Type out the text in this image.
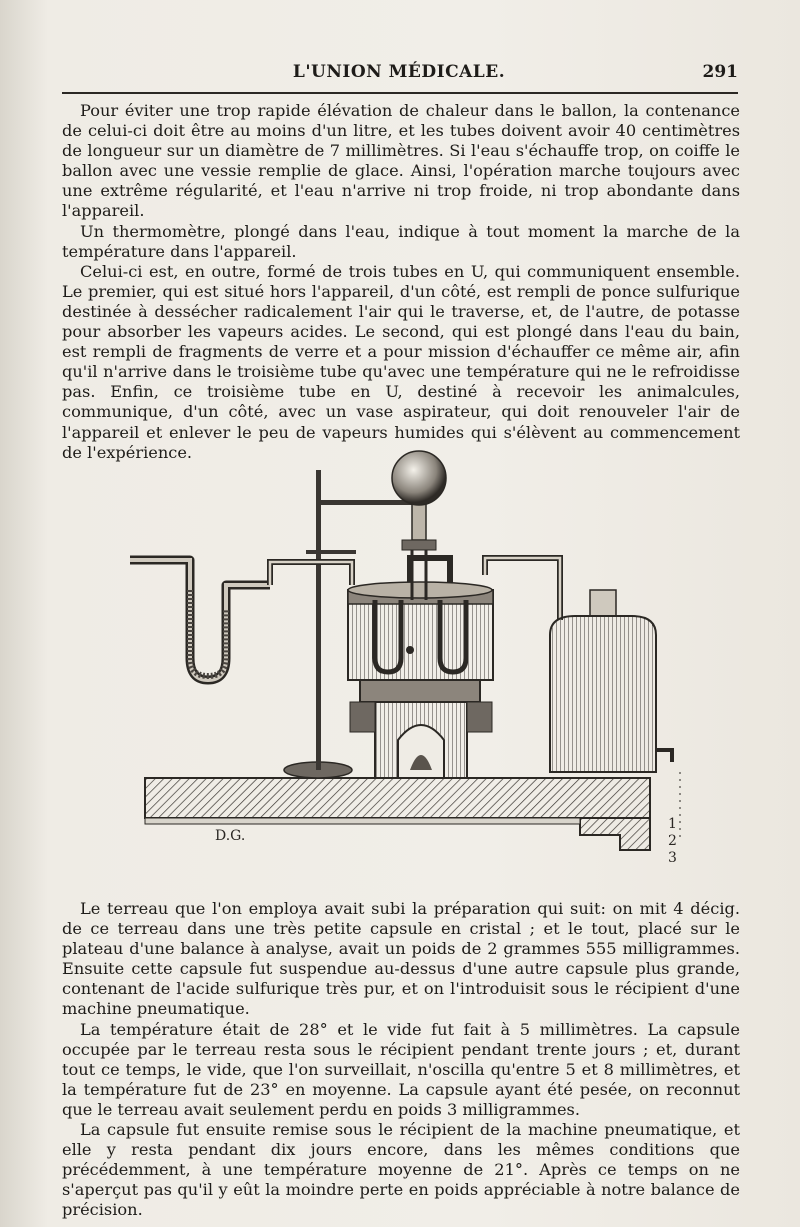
L'UNION MÉDICALE.	291

Pour éviter une trop rapide élévation de chaleur dans le ballon, la contenance de celui-ci doit être au moins d'un litre, et les tubes doivent avoir 40 centimètres de longueur sur un diamètre de 7 millimètres. Si l'eau s'échauffe trop, on coiffe le ballon avec une vessie remplie de glace. Ainsi, l'opération marche toujours avec une extrême régularité, et l'eau n'arrive ni trop froide, ni trop abondante dans l'appareil.

Un thermomètre, plongé dans l'eau, indique à tout moment la marche de la température dans l'appareil.

Celui-ci est, en outre, formé de trois tubes en U, qui communiquent ensemble. Le premier, qui est situé hors l'appareil, d'un côté, est rempli de ponce sulfurique destinée à dessécher radicalement l'air qui le traverse, et, de l'autre, de potasse pour absorber les vapeurs acides. Le second, qui est plongé dans l'eau du bain, est rempli de fragments de verre et a pour mission d'échauffer ce même air, afin qu'il n'arrive dans le troisième tube qu'avec une température qui ne le refroidisse pas. Enfin, ce troisième tube en U, destiné à recevoir les animalcules, communique, d'un côté, avec un vase aspirateur, qui doit renouveler l'air de l'appareil et enlever le peu de vapeurs humides qui s'élèvent au commencement de l'expérience.

D.G.
1
2
3

Le terreau que l'on employa avait subi la préparation qui suit: on mit 4 décig. de ce terreau dans une très petite capsule en cristal ; et le tout, placé sur le plateau d'une balance à analyse, avait un poids de 2 grammes 555 milligrammes. Ensuite cette capsule fut suspendue au-dessus d'une autre capsule plus grande, contenant de l'acide sulfurique très pur, et on l'introduisit sous le récipient d'une machine pneumatique.

La température était de 28° et le vide fut fait à 5 millimètres. La capsule occupée par le terreau resta sous le récipient pendant trente jours ; et, durant tout ce temps, le vide, que l'on surveillait, n'oscilla qu'entre 5 et 8 millimètres, et la température fut de 23° en moyenne. La capsule ayant été pesée, on reconnut que le terreau avait seulement perdu en poids 3 milligrammes.

La capsule fut ensuite remise sous le récipient de la machine pneumatique, et elle y resta pendant dix jours encore, dans les mêmes conditions que précédemment, à une température moyenne de 21°. Après ce temps on ne s'aperçut pas qu'il y eût la moindre perte en poids appréciable à notre balance de précision.
